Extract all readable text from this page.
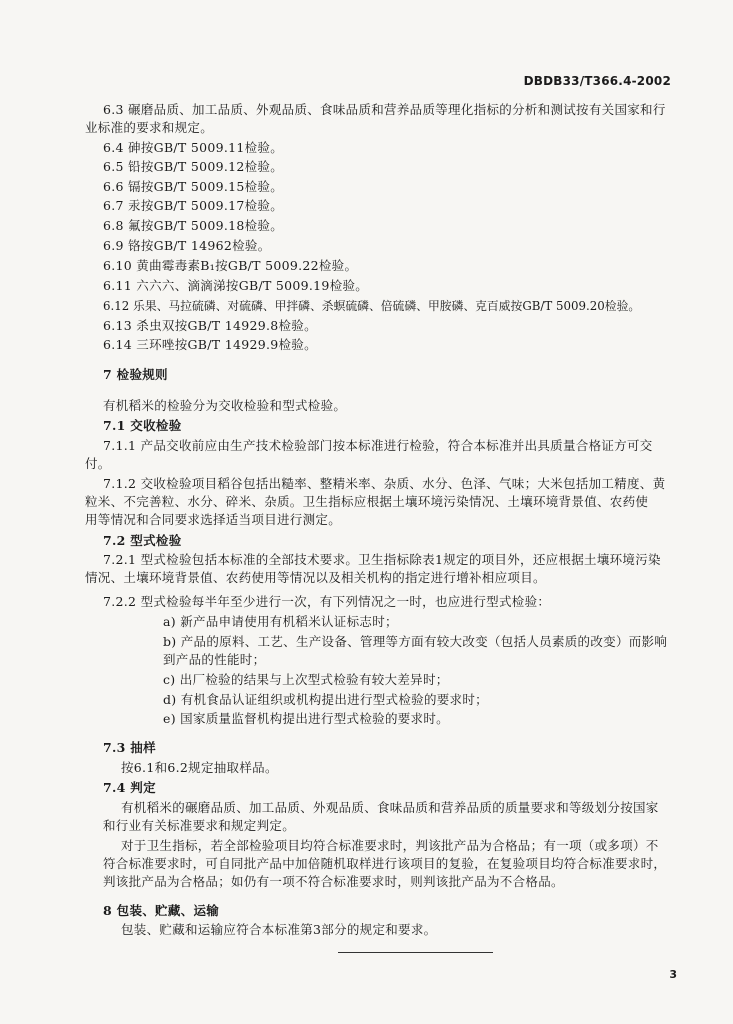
DBDB33/T366.4-2002
6.3 碾磨品质、加工品质、外观品质、食味品质和营养品质等理化指标的分析和测试按有关国家和行
业标准的要求和规定。
6.4 砷按GB/T 5009.11检验。
6.5 铅按GB/T 5009.12检验。
6.6 镉按GB/T 5009.15检验。
6.7 汞按GB/T 5009.17检验。
6.8 氟按GB/T 5009.18检验。
6.9 铬按GB/T 14962检验。
6.10 黄曲霉毒素B₁按GB/T 5009.22检验。
6.11 六六六、滴滴涕按GB/T 5009.19检验。
6.12 乐果、马拉硫磷、对硫磷、甲拌磷、杀螟硫磷、倍硫磷、甲胺磷、克百威按GB/T 5009.20检验。
6.13 杀虫双按GB/T 14929.8检验。
6.14 三环唑按GB/T 14929.9检验。
7 检验规则
有机稻米的检验分为交收检验和型式检验。
7.1 交收检验
7.1.1 产品交收前应由生产技术检验部门按本标准进行检验，符合本标准并出具质量合格证方可交
付。
7.1.2 交收检验项目稻谷包括出糙率、整精米率、杂质、水分、色泽、气味；大米包括加工精度、黄
粒米、不完善粒、水分、碎米、杂质。卫生指标应根据土壤环境污染情况、土壤环境背景值、农药使
用等情况和合同要求选择适当项目进行测定。
7.2 型式检验
7.2.1 型式检验包括本标准的全部技术要求。卫生指标除表1规定的项目外，还应根据土壤环境污染
情况、土壤环境背景值、农药使用等情况以及相关机构的指定进行增补相应项目。
7.2.2 型式检验每半年至少进行一次，有下列情况之一时，也应进行型式检验：
a) 新产品申请使用有机稻米认证标志时；
b) 产品的原料、工艺、生产设备、管理等方面有较大改变（包括人员素质的改变）而影响
到产品的性能时；
c) 出厂检验的结果与上次型式检验有较大差异时；
d) 有机食品认证组织或机构提出进行型式检验的要求时；
e) 国家质量监督机构提出进行型式检验的要求时。
7.3 抽样
按6.1和6.2规定抽取样品。
7.4 判定
有机稻米的碾磨品质、加工品质、外观品质、食味品质和营养品质的质量要求和等级划分按国家
和行业有关标准要求和规定判定。
对于卫生指标，若全部检验项目均符合标准要求时，判该批产品为合格品；有一项（或多项）不
符合标准要求时，可自同批产品中加倍随机取样进行该项目的复验，在复验项目均符合标准要求时，
判该批产品为合格品；如仍有一项不符合标准要求时，则判该批产品为不合格品。
8 包装、贮藏、运输
包装、贮藏和运输应符合本标准第3部分的规定和要求。
3
